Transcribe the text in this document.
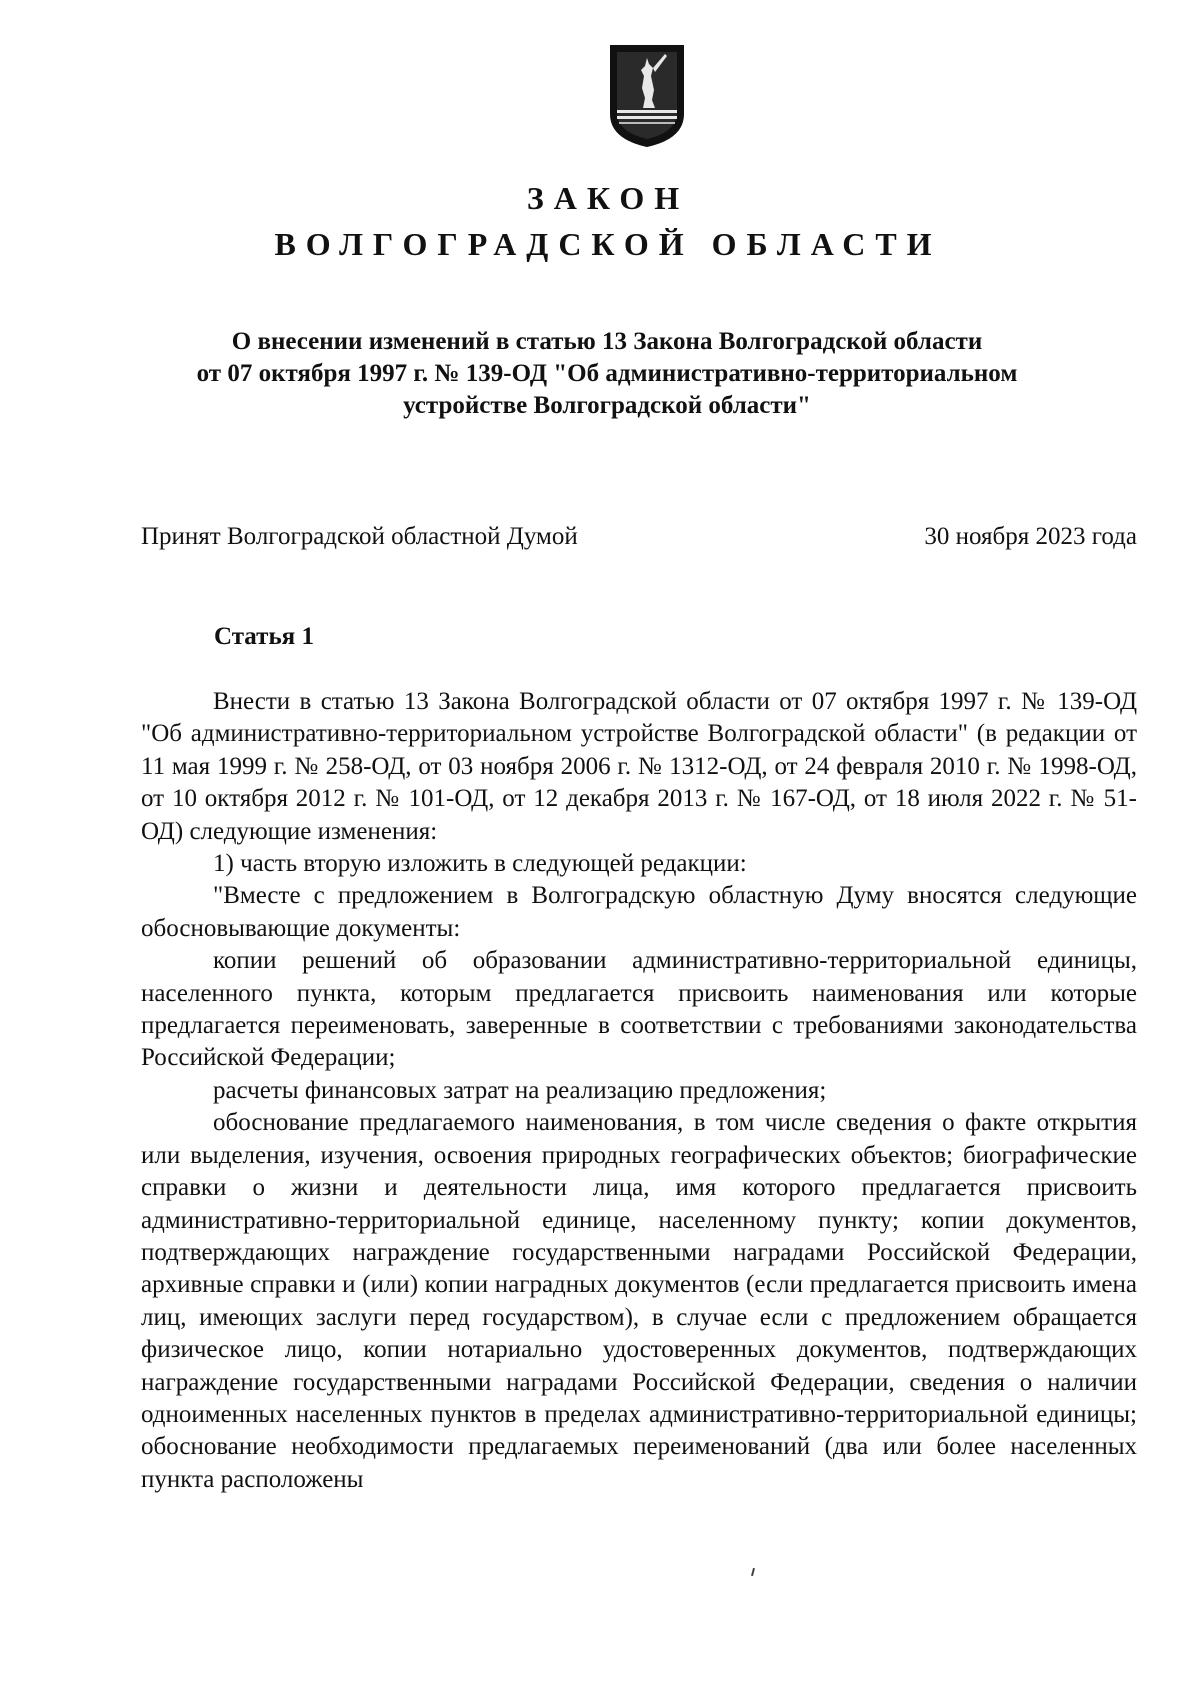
ЗАКОН
ВОЛГОГРАДСКОЙ ОБЛАСТИ
О внесении изменений в статью 13 Закона Волгоградской области
от 07 октября 1997 г. № 139-ОД "Об административно-территориальном
устройстве Волгоградской области"
Принят Волгоградской областной Думой	30 ноября 2023 года
Статья 1

Внести в статью 13 Закона Волгоградской области от 07 октября 1997 г. № 139-ОД "Об административно-территориальном устройстве Волгоградской области" (в редакции от 11 мая 1999 г. № 258-ОД, от 03 ноября 2006 г. № 1312-ОД, от 24 февраля 2010 г. № 1998-ОД, от 10 октября 2012 г. № 101-ОД, от 12 декабря 2013 г. № 167-ОД, от 18 июля 2022 г. № 51-ОД) следующие изменения:

1) часть вторую изложить в следующей редакции:

"Вместе с предложением в Волгоградскую областную Думу вносятся следующие обосновывающие документы:

копии решений об образовании административно-территориальной единицы, населенного пункта, которым предлагается присвоить наименования или которые предлагается переименовать, заверенные в соответствии с требованиями законодательства Российской Федерации;

расчеты финансовых затрат на реализацию предложения;

обоснование предлагаемого наименования, в том числе сведения о факте открытия или выделения, изучения, освоения природных географических объектов; биографические справки о жизни и деятельности лица, имя которого предлагается присвоить административно-территориальной единице, населенному пункту; копии документов, подтверждающих награждение государственными наградами Российской Федерации, архивные справки и (или) копии наградных документов (если предлагается присвоить имена лиц, имеющих заслуги перед государством), в случае если с предложением обращается физическое лицо, копии нотариально удостоверенных документов, подтверждающих награждение государственными наградами Российской Федерации, сведения о наличии одноименных населенных пунктов в пределах административно-территориальной единицы; обоснование необходимости предлагаемых переименований (два или более населенных пункта расположены
